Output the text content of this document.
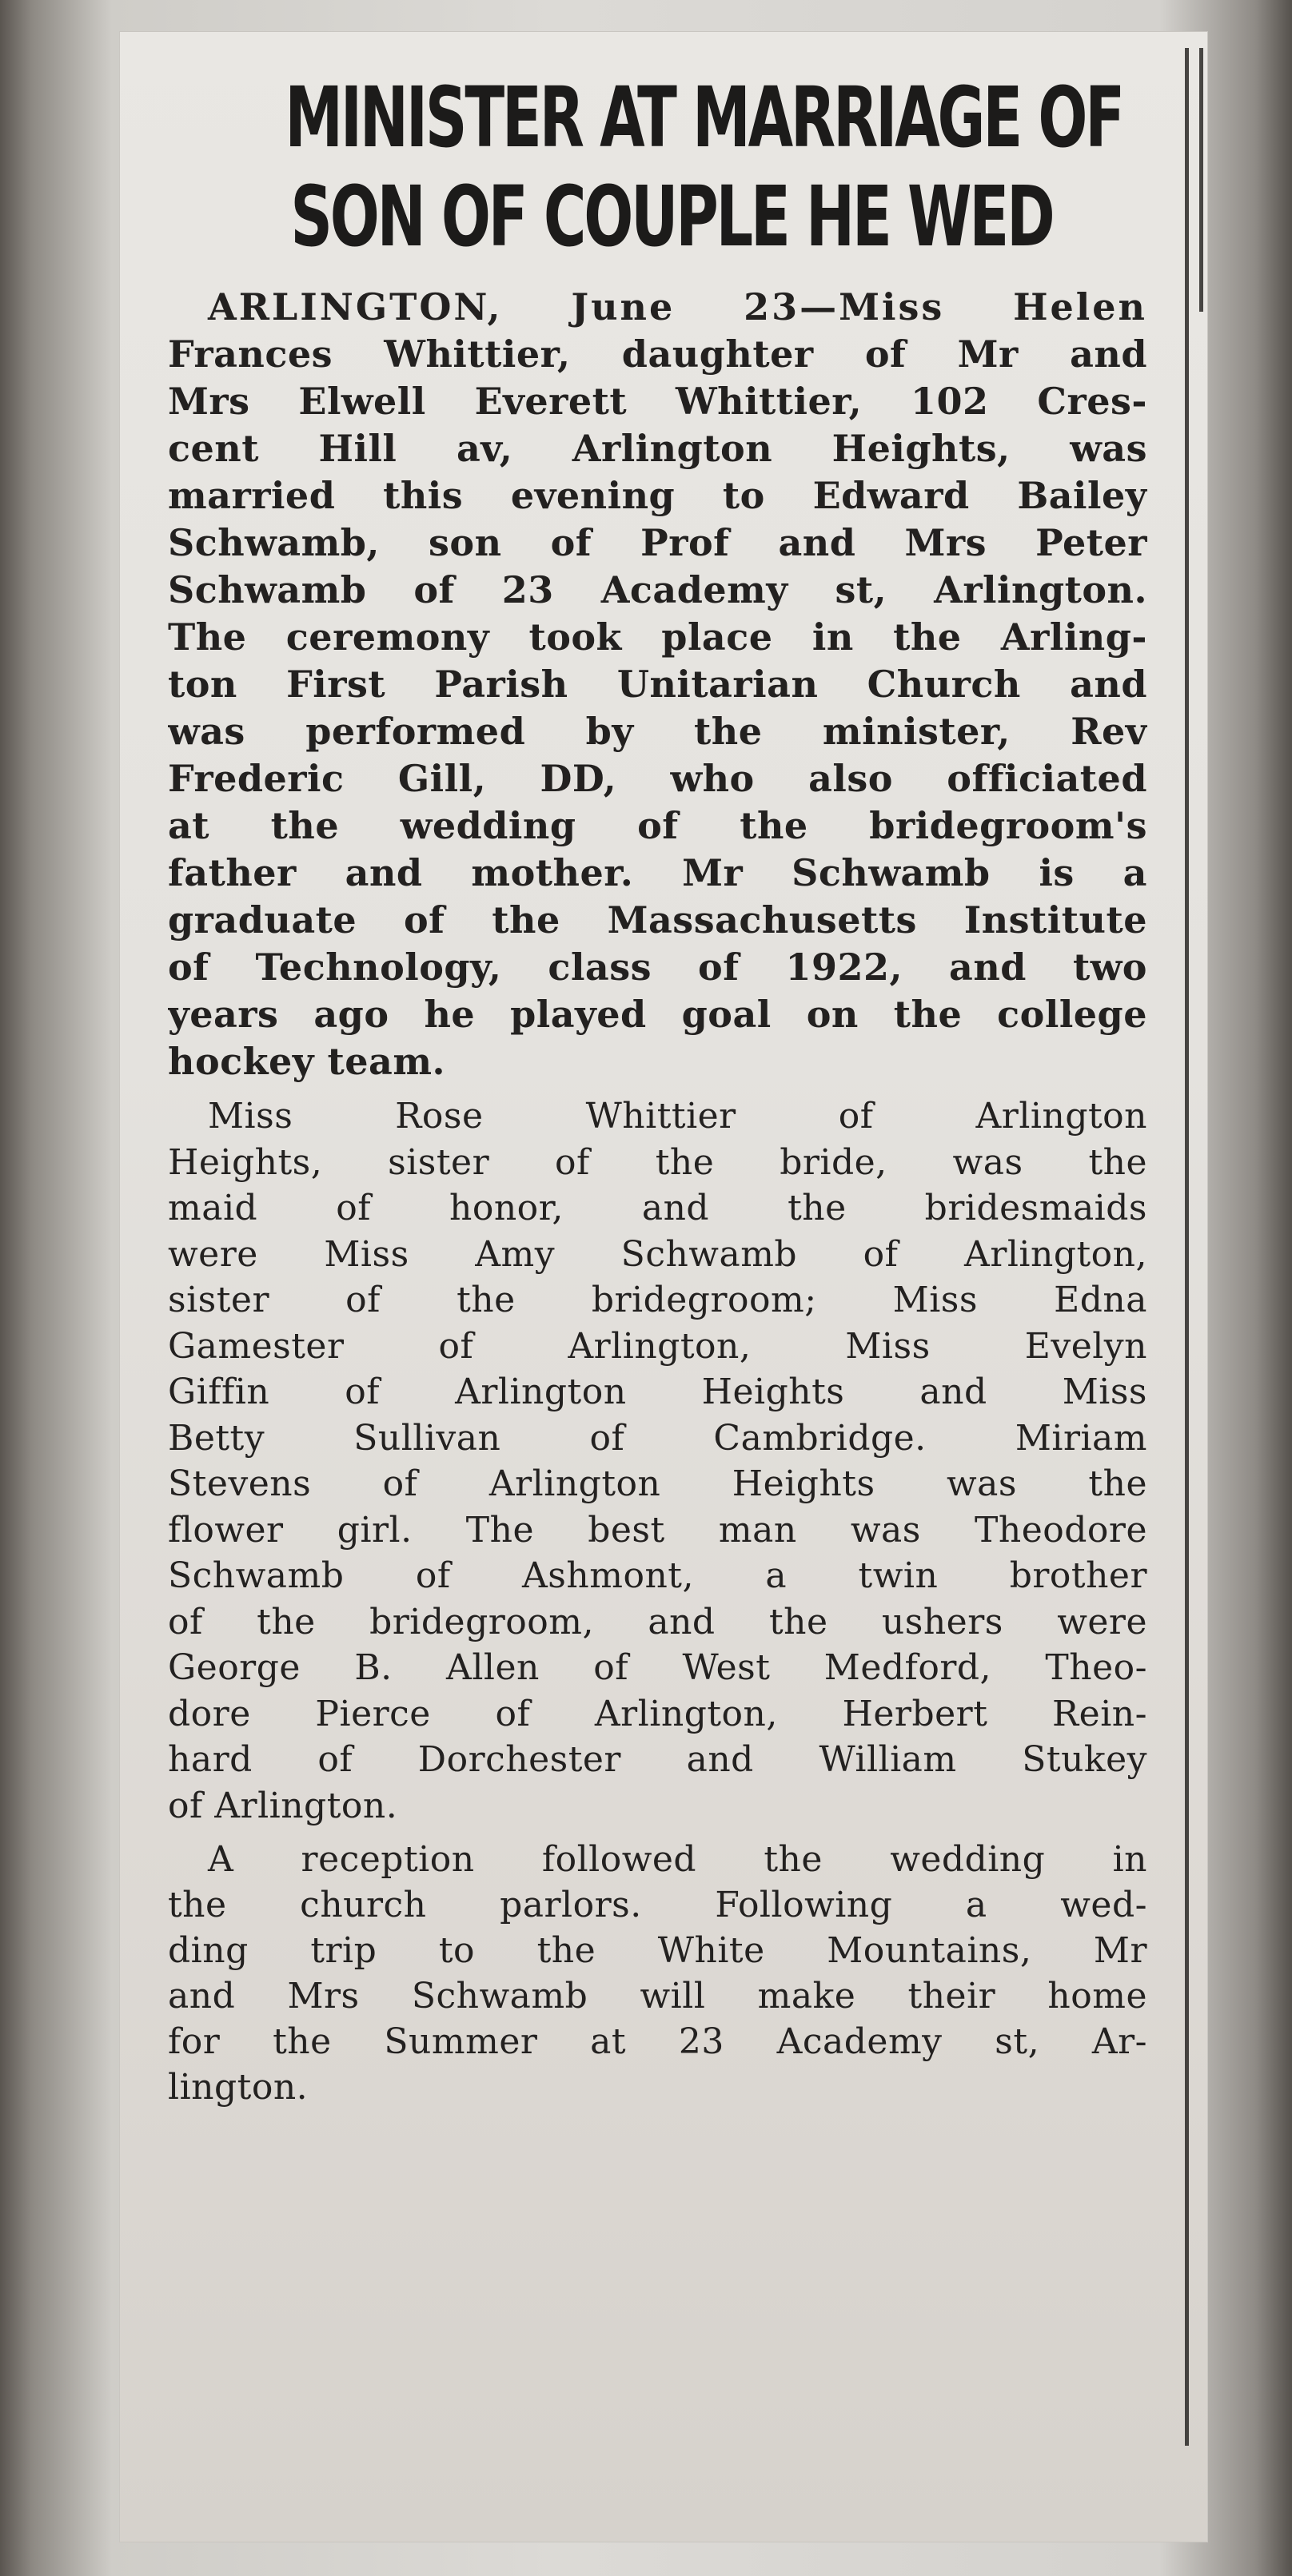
MINISTER AT MARRIAGE OF
SON OF COUPLE HE WED
ARLINGTON, June 23—Miss Helen
Frances Whittier, daughter of Mr and
Mrs Elwell Everett Whittier, 102 Cres-
cent Hill av, Arlington Heights, was
married this evening to Edward Bailey
Schwamb, son of Prof and Mrs Peter
Schwamb of 23 Academy st, Arlington.
The ceremony took place in the Arling-
ton First Parish Unitarian Church and
was performed by the minister, Rev
Frederic Gill, DD, who also officiated
at the wedding of the bridegroom's
father and mother. Mr Schwamb is a
graduate of the Massachusetts Institute
of Technology, class of 1922, and two
years ago he played goal on the college
hockey team.
Miss Rose Whittier of Arlington
Heights, sister of the bride, was the
maid of honor, and the bridesmaids
were Miss Amy Schwamb of Arlington,
sister of the bridegroom; Miss Edna
Gamester of Arlington, Miss Evelyn
Giffin of Arlington Heights and Miss
Betty Sullivan of Cambridge. Miriam
Stevens of Arlington Heights was the
flower girl. The best man was Theodore
Schwamb of Ashmont, a twin brother
of the bridegroom, and the ushers were
George B. Allen of West Medford, Theo-
dore Pierce of Arlington, Herbert Rein-
hard of Dorchester and William Stukey
of Arlington.
A reception followed the wedding in
the church parlors. Following a wed-
ding trip to the White Mountains, Mr
and Mrs Schwamb will make their home
for the Summer at 23 Academy st, Ar-
lington.
